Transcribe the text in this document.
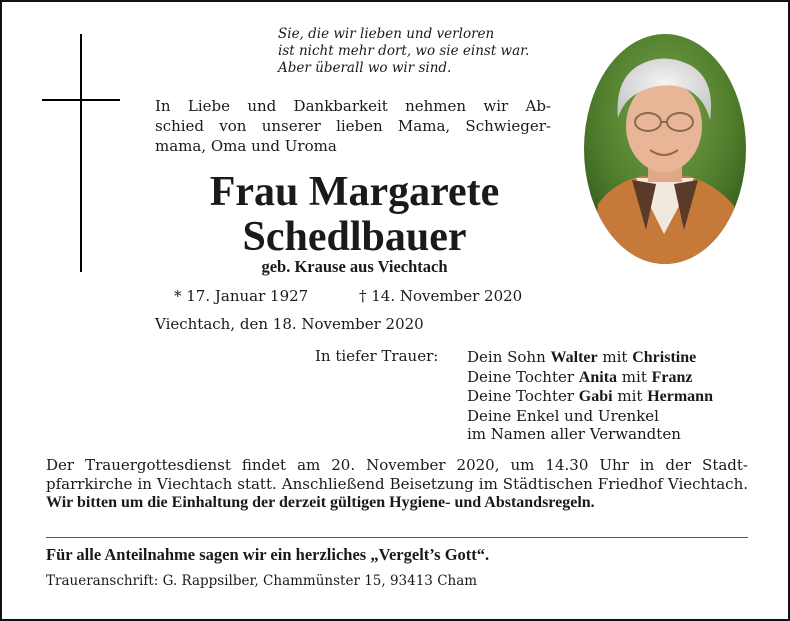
Sie, die wir lieben und verloren
ist nicht mehr dort, wo sie einst war.
Aber überall wo wir sind.
In Liebe und Dankbarkeit nehmen wir Ab-
schied von unserer lieben Mama, Schwieger-
mama, Oma und Uroma
Frau Margarete
Schedlbauer
geb. Krause aus Viechtach
* 17. Januar 1927	† 14. November 2020
Viechtach, den 18. November 2020
In tiefer Trauer: Dein Sohn Walter mit Christine
Deine Tochter Anita mit Franz
Deine Tochter Gabi mit Hermann
Deine Enkel und Urenkel
im Namen aller Verwandten
Der Trauergottesdienst findet am 20. November 2020, um 14.30 Uhr in der Stadt-pfarrkirche in Viechtach statt. Anschließend Beisetzung im Städtischen Friedhof Viechtach. Wir bitten um die Einhaltung der derzeit gültigen Hygiene- und Abstandsregeln.
Für alle Anteilnahme sagen wir ein herzliches „Vergelt’s Gott“.
Traueranschrift: G. Rappsilber, Chammünster 15, 93413 Cham
